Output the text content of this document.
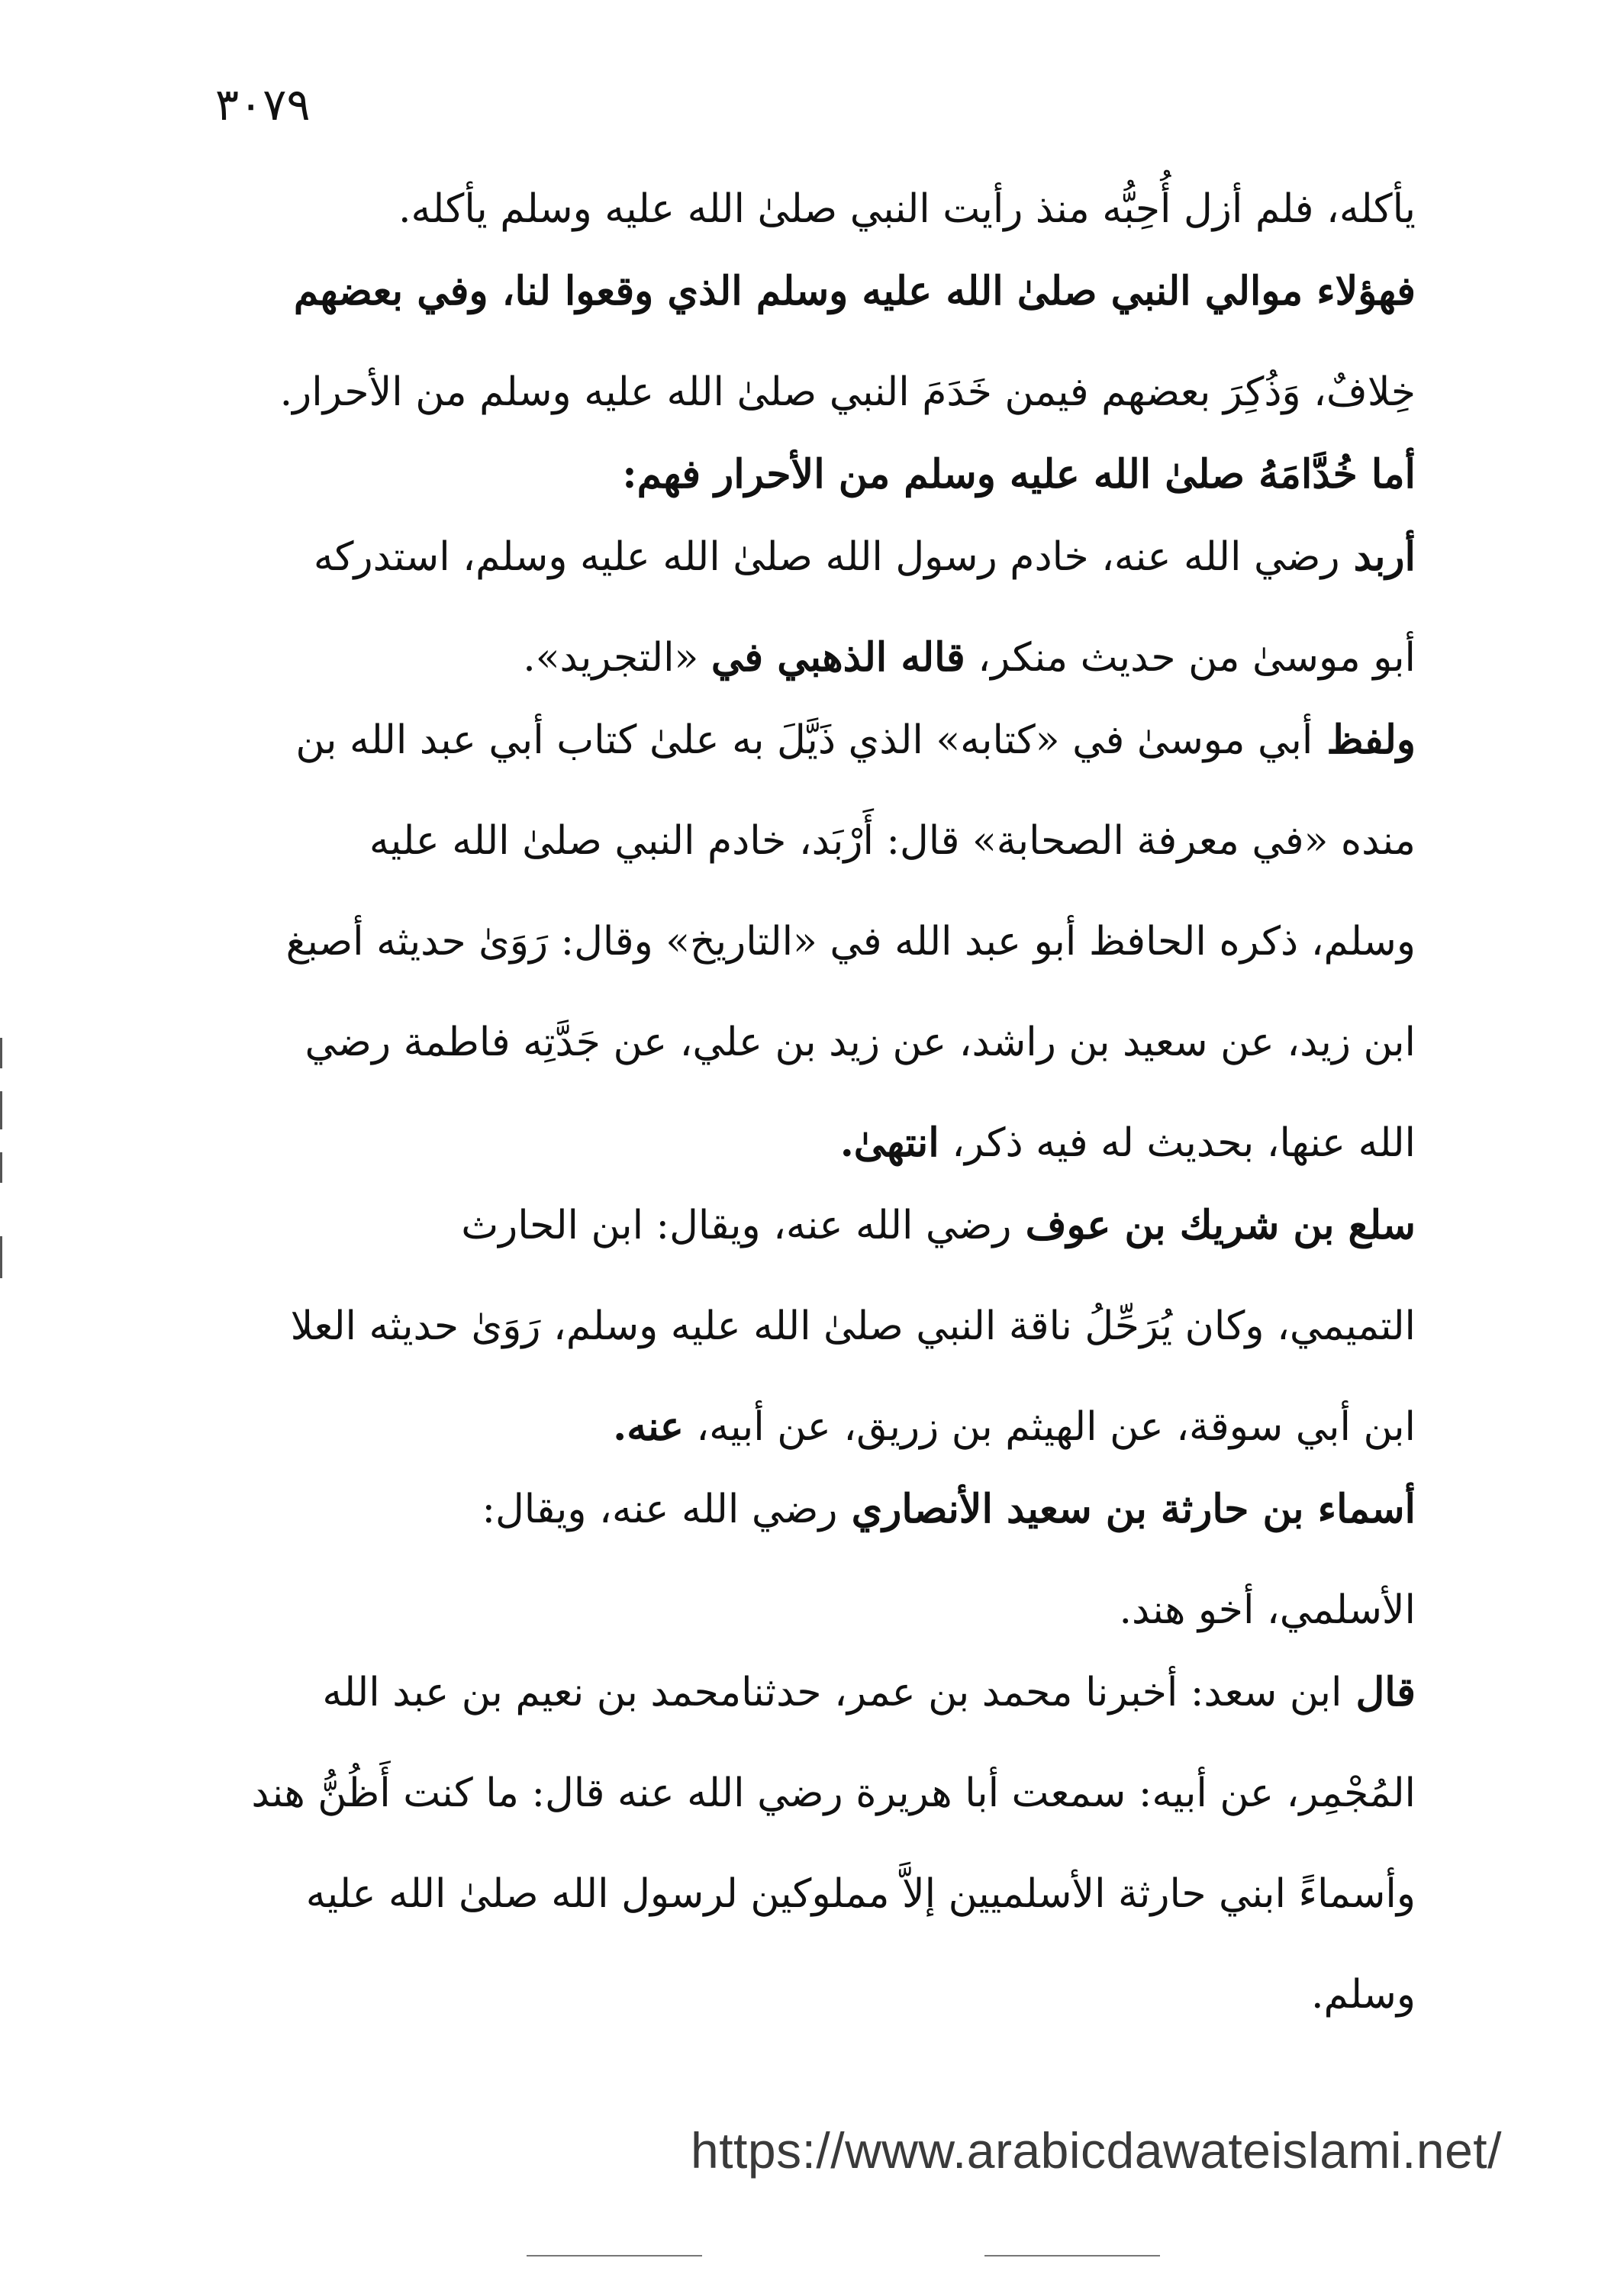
٣٠٧٩
يأكله، فلم أزل أُحِبُّه منذ رأيت النبي صلىٰ الله عليه وسلم يأكله.
فهؤلاء موالي النبي صلىٰ الله عليه وسلم الذي وقعوا لنا، وفي بعضهم
خِلافٌ، وَذُكِرَ بعضهم فيمن خَدَمَ النبي صلىٰ الله عليه وسلم من الأحرار.
أما خُدَّامَهُ صلىٰ الله عليه وسلم من الأحرار فهم:
أربد رضي الله عنه، خادم رسول الله صلىٰ الله عليه وسلم، استدركه
أبو موسىٰ من حديث منكر، قاله الذهبي في «التجريد».
ولفظ أبي موسىٰ في «كتابه» الذي ذَيَّلَ به علىٰ كتاب أبي عبد الله بن
منده «في معرفة الصحابة» قال: أَرْبَد، خادم النبي صلىٰ الله عليه
وسلم، ذكره الحافظ أبو عبد الله في «التاريخ» وقال: رَوَىٰ حديثه أصبغ
ابن زيد، عن سعيد بن راشد، عن زيد بن علي، عن جَدَّتِه فاطمة رضي
الله عنها، بحديث له فيه ذكر، انتهىٰ.
سلع بن شريك بن عوف رضي الله عنه، ويقال: ابن الحارث
التميمي، وكان يُرَحِّلُ ناقة النبي صلىٰ الله عليه وسلم، رَوَىٰ حديثه العلا
ابن أبي سوقة، عن الهيثم بن زريق، عن أبيه، عنه.
أسماء بن حارثة بن سعيد الأنصاري رضي الله عنه، ويقال:
الأسلمي، أخو هند.
قال ابن سعد: أخبرنا محمد بن عمر، حدثنامحمد بن نعيم بن عبد الله
المُجْمِر، عن أبيه: سمعت أبا هريرة رضي الله عنه قال: ما كنت أَظُنُّ هند
وأسماءً ابني حارثة الأسلميين إلاَّ مملوكين لرسول الله صلىٰ الله عليه
وسلم.
https://www.arabicdawateislami.net/
